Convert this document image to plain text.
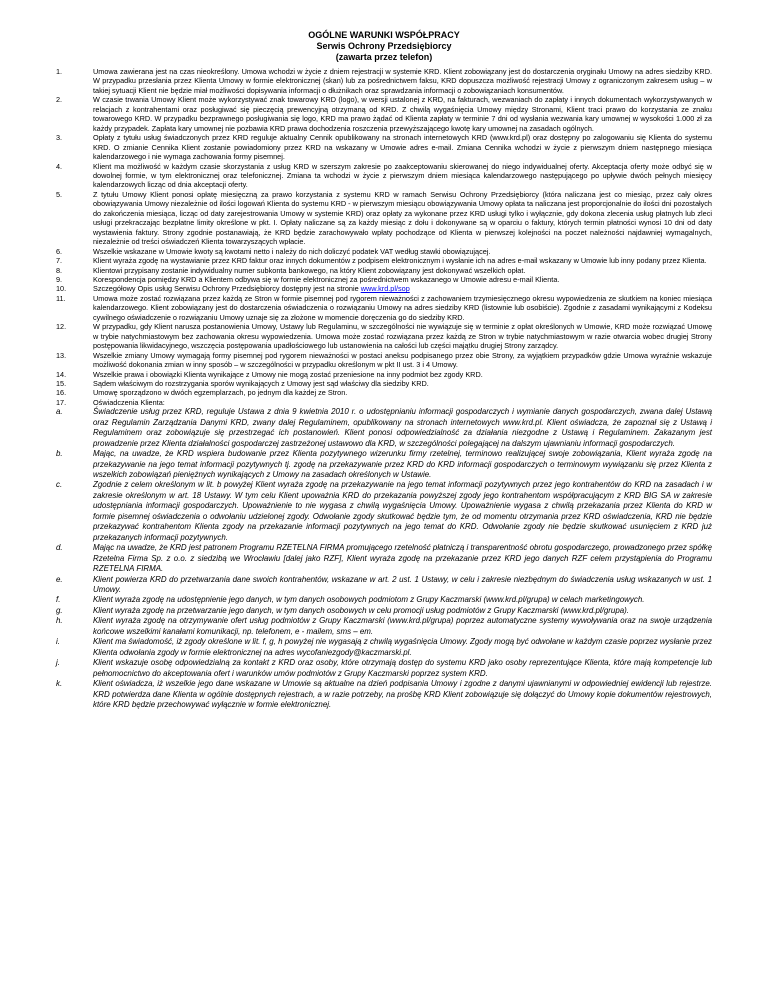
OGÓLNE WARUNKI WSPÓŁPRACY
Serwis Ochrony Przedsiębiorcy
(zawarta przez telefon)
1.	Umowa zawierana jest na czas nieokreślony. Umowa wchodzi w życie z dniem rejestracji w systemie KRD. Klient zobowiązany jest do dostarczenia oryginału Umowy na adres siedziby KRD. W przypadku przesłania przez Klienta Umowy w formie elektronicznej (skan) lub za pośrednictwem faksu, KRD dopuszcza możliwość rejestracji Umowy z ograniczonym zakresem usług – w takiej sytuacji Klient nie będzie miał możliwości dopisywania informacji o dłużnikach oraz sprawdzania informacji o zobowiązaniach konsumentów.
2.	W czasie trwania Umowy Klient może wykorzystywać znak towarowy KRD (logo), w wersji ustalonej z KRD, na fakturach, wezwaniach do zapłaty i innych dokumentach wykorzystywanych w relacjach z kontrahentami oraz posługiwać się pieczęcią prewencyjną otrzymaną od KRD. Z chwilą wygaśnięcia Umowy między Stronami, Klient traci prawo do korzystania ze znaku towarowego KRD. W przypadku bezprawnego posługiwania się logo, KRD ma prawo żądać od Klienta zapłaty w terminie 7 dni od wysłania wezwania kary umownej w wysokości 1.000 zł za każdy przypadek. Zapłata kary umownej nie pozbawia KRD prawa dochodzenia roszczenia przewyższającego kwotę kary umownej na zasadach ogólnych.
3.	Opłaty z tytułu usług świadczonych przez KRD reguluje aktualny Cennik opublikowany na stronach internetowych KRD (www.krd.pl) oraz dostępny po zalogowaniu się Klienta do systemu KRD. O zmianie Cennika Klient zostanie powiadomiony przez KRD na wskazany w Umowie adres e-mail. Zmiana Cennika wchodzi w życie z pierwszym dniem następnego miesiąca kalendarzowego i nie wymaga zachowania formy pisemnej.
4.	Klient ma możliwość w każdym czasie skorzystania z usług KRD w szerszym zakresie po zaakceptowaniu skierowanej do niego indywidualnej oferty. Akceptacja oferty może odbyć się w dowolnej formie, w tym elektronicznej oraz telefonicznej. Zmiana ta wchodzi w życie z pierwszym dniem miesiąca kalendarzowego następującego po upływie dwóch pełnych miesięcy kalendarzowych licząc od dnia akceptacji oferty.
5.	Z tytułu Umowy Klient ponosi opłatę miesięczną za prawo korzystania z systemu KRD w ramach Serwisu Ochrony Przedsiębiorcy (która naliczana jest co miesiąc, przez cały okres obowiązywania Umowy niezależnie od ilości logowań Klienta do systemu KRD - w pierwszym miesiącu obowiązywania Umowy opłata ta naliczana jest proporcjonalnie do ilości dni pozostałych do zakończenia miesiąca, licząc od daty zarejestrowania Umowy w systemie KRD) oraz opłaty za wykonane przez KRD usługi tylko i wyłącznie, gdy dokona zlecenia usług płatnych lub zleci usługi przekraczając bezpłatne limity określone w pkt. I. Opłaty naliczane są za każdy miesiąc z dołu i dokonywane są w oparciu o faktury, których termin płatności wynosi 10 dni od daty wystawienia faktury. Strony zgodnie postanawiają, że KRD będzie zarachowywało wpłaty pochodzące od Klienta w pierwszej kolejności na poczet należności najdawniej wymagalnych, niezależnie od treści oświadczeń Klienta towarzyszących wpłacie.
6.	Wszelkie wskazane w Umowie kwoty są kwotami netto i należy do nich doliczyć podatek VAT według stawki obowiązującej.
7.	Klient wyraża zgodę na wystawianie przez KRD faktur oraz innych dokumentów z podpisem elektronicznym i wysłanie ich na adres e-mail wskazany w Umowie lub inny podany przez Klienta.
8.	Klientowi przypisany zostanie indywidualny numer subkonta bankowego, na który Klient zobowiązany jest dokonywać wszelkich opłat.
9.	Korespondencja pomiędzy KRD a Klientem odbywa się w formie elektronicznej za pośrednictwem wskazanego w Umowie adresu e-mail Klienta.
10.	Szczegółowy Opis usług Serwisu Ochrony Przedsiębiorcy dostępny jest na stronie www.krd.pl/sop
11.	Umowa może zostać rozwiązana przez każdą ze Stron w formie pisemnej pod rygorem nieważności z zachowaniem trzymiesięcznego okresu wypowiedzenia ze skutkiem na koniec miesiąca kalendarzowego. Klient zobowiązany jest do dostarczenia oświadczenia o rozwiązaniu Umowy na adres siedziby KRD (listownie lub osobiście). Zgodnie z zasadami wynikającymi z Kodeksu cywilnego oświadczenie o rozwiązaniu Umowy uznaje się za złożone w momencie doręczenia go do siedziby KRD.
12.	W przypadku, gdy Klient narusza postanowienia Umowy, Ustawy lub Regulaminu, w szczególności nie wywiązuje się w terminie z opłat określonych w Umowie, KRD może rozwiązać Umowę w trybie natychmiastowym bez zachowania okresu wypowiedzenia. Umowa może zostać rozwiązana przez każdą ze Stron w trybie natychmiastowym w razie otwarcia wobec drugiej Strony postępowania likwidacyjnego, wszczęcia postępowania upadłościowego lub ustanowienia na całości lub części majątku drugiej Strony zarządcy.
13.	Wszelkie zmiany Umowy wymagają formy pisemnej pod rygorem nieważności w postaci aneksu podpisanego przez obie Strony, za wyjątkiem przypadków gdzie Umowa wyraźnie wskazuje możliwość dokonania zmian w inny sposób – w szczególności w przypadku określonym w pkt II ust. 3 i 4 Umowy.
14.	Wszelkie prawa i obowiązki Klienta wynikające z Umowy nie mogą zostać przeniesione na inny podmiot bez zgody KRD.
15.	Sądem właściwym do rozstrzygania sporów wynikających z Umowy jest sąd właściwy dla siedziby KRD.
16.	Umowę sporządzono w dwóch egzemplarzach, po jednym dla każdej ze Stron.
17.	Oświadczenia Klienta:
a.	Świadczenie usług przez KRD, reguluje Ustawa z dnia 9 kwietnia 2010 r. o udostępnianiu informacji gospodarczych i wymianie danych gospodarczych, zwana dalej Ustawą oraz Regulamin Zarządzania Danymi KRD, zwany dalej Regulaminem, opublikowany na stronach internetowych www.krd.pl. Klient oświadcza, że zapoznał się z Ustawą i Regulaminem oraz zobowiązuje się przestrzegać ich postanowień. Klient ponosi odpowiedzialność za działania niezgodne z Ustawą i Regulaminem. Zakazanym jest prowadzenie przez Klienta działalności gospodarczej zastrzeżonej ustawowo dla KRD, w szczególności polegającej na dalszym ujawnianiu informacji gospodarczych.
b.	Mając, na uwadze, że KRD wspiera budowanie przez Klienta pozytywnego wizerunku firmy rzetelnej, terminowo realizującej swoje zobowiązania, Klient wyraża zgodę na przekazywanie na jego temat informacji pozytywnych tj. zgodę na przekazywanie przez KRD do KRD informacji gospodarczych o terminowym wywiązaniu się przez Klienta z wszelkich zobowiązań pieniężnych wynikających z Umowy na zasadach określonych w Ustawie.
c.	Zgodnie z celem określonym w lit. b powyżej Klient wyraża zgodę na przekazywanie na jego temat informacji pozytywnych przez jego kontrahentów do KRD na zasadach i w zakresie określonym w art. 18 Ustawy. W tym celu Klient upoważnia KRD do przekazania powyższej zgody jego kontrahentom współpracującym z KRD BIG SA w zakresie udostępniania informacji gospodarczych. Upoważnienie to nie wygasa z chwilą wygaśnięcia Umowy. Upoważnienie wygasa z chwilą przekazania przez Klienta do KRD w formie pisemnej oświadczenia o odwołaniu udzielonej zgody. Odwołanie zgody skutkować będzie tym, że od momentu otrzymania przez KRD oświadczenia, KRD nie będzie przekazywać kontrahentom Klienta zgody na przekazanie informacji pozytywnych na jego temat do KRD. Odwołanie zgody nie będzie skutkować usunięciem z KRD już przekazanych informacji pozytywnych.
d.	Mając na uwadze, że KRD jest patronem Programu RZETELNA FIRMA promującego rzetelność płatniczą i transparentność obrotu gospodarczego, prowadzonego przez spółkę Rzetelna Firma Sp. z o.o. z siedzibą we Wrocławiu [dalej jako RZF], Klient wyraża zgodę na przekazanie przez KRD jego danych RZF celem przystąpienia do Programu RZETELNA FIRMA.
e.	Klient powierza KRD do przetwarzania dane swoich kontrahentów, wskazane w art. 2 ust. 1 Ustawy, w celu i zakresie niezbędnym do świadczenia usług wskazanych w ust. 1 Umowy.
f.	Klient wyraża zgodę na udostępnienie jego danych, w tym danych osobowych podmiotom z Grupy Kaczmarski (www.krd.pl/grupa) w celach marketingowych.
g.	Klient wyraża zgodę na przetwarzanie jego danych, w tym danych osobowych w celu promocji usług podmiotów z Grupy Kaczmarski (www.krd.pl/grupa).
h.	Klient wyraża zgodę na otrzymywanie ofert usług podmiotów z Grupy Kaczmarski (www.krd.pl/grupa) poprzez automatyczne systemy wywoływania oraz na swoje urządzenia końcowe wszelkimi kanałami komunikacji, np. telefonem, e - mailem, sms – em.
i.	Klient ma świadomość, iż zgody określone w lit. f, g, h powyżej nie wygasają z chwilą wygaśnięcia Umowy. Zgody mogą być odwołane w każdym czasie poprzez wysłanie przez Klienta odwołania zgody w formie elektronicznej na adres wycofaniezgody@kaczmarski.pl.
j.	Klient wskazuje osobę odpowiedzialną za kontakt z KRD oraz osoby, które otrzymają dostęp do systemu KRD jako osoby reprezentujące Klienta, które mają kompetencje lub pełnomocnictwo do akceptowania ofert i warunków umów podmiotów z Grupy Kaczmarski poprzez system KRD.
k.	Klient oświadcza, iż wszelkie jego dane wskazane w Umowie są aktualne na dzień podpisania Umowy i zgodne z danymi ujawnianymi w odpowiedniej ewidencji lub rejestrze. KRD potwierdza dane Klienta w ogólnie dostępnych rejestrach, a w razie potrzeby, na prośbę KRD Klient zobowiązuje się dołączyć do Umowy kopie dokumentów rejestrowych, które KRD będzie przechowywać wyłącznie w formie elektronicznej.
